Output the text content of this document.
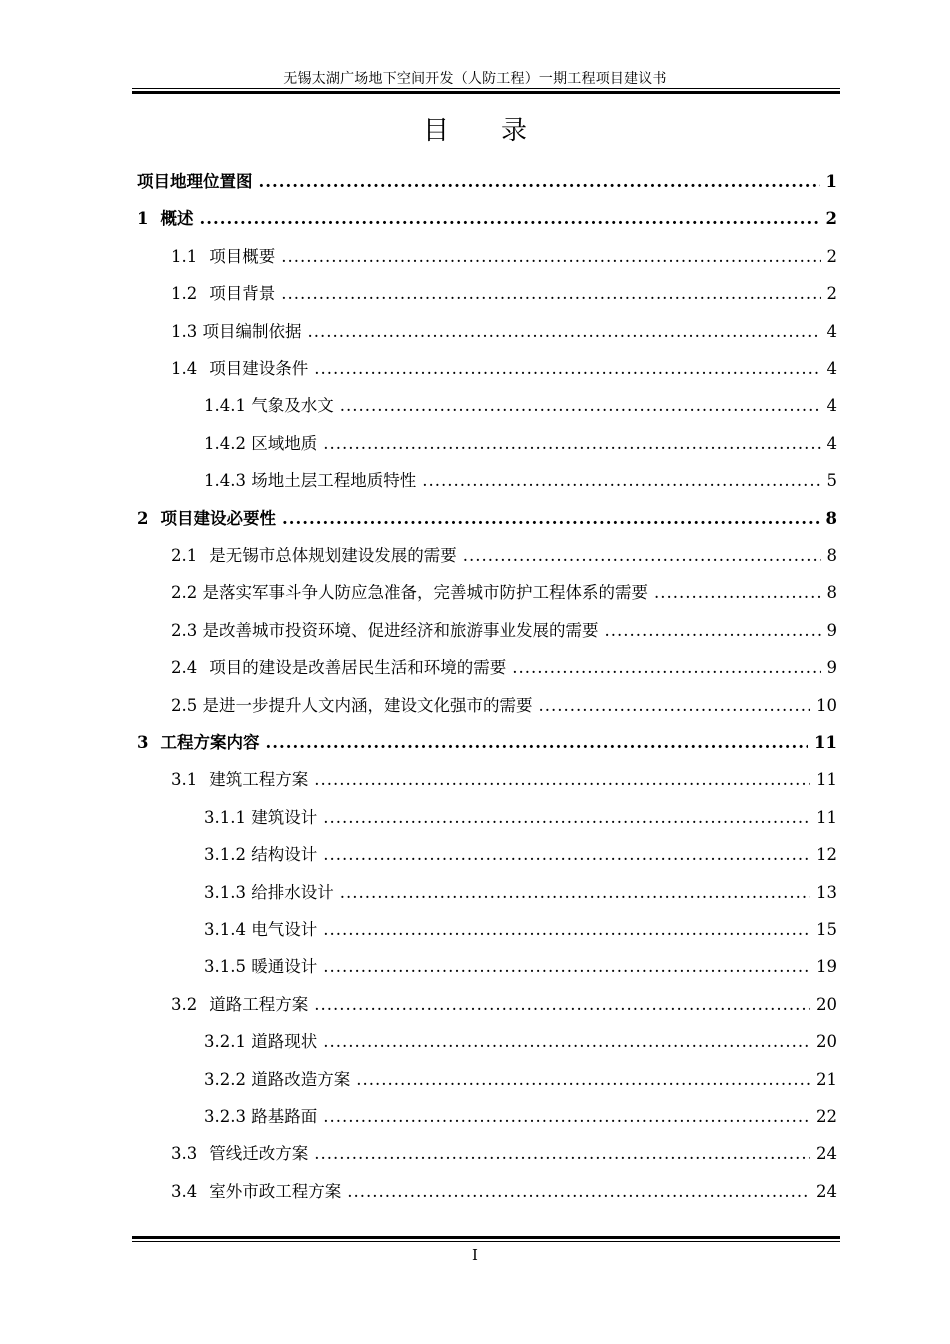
无锡太湖广场地下空间开发（人防工程）一期工程项目建议书
目录
项目地理位置图 .....	1
1 概述 .....	2
1.1 项目概要 .....	2
1.2 项目背景 .....	2
1.3 项目编制依据 .....	4
1.4 项目建设条件 .....	4
1.4.1 气象及水文 .....	4
1.4.2 区域地质 .....	4
1.4.3 场地土层工程地质特性 .....	5
2 项目建设必要性 .....	8
2.1 是无锡市总体规划建设发展的需要 .....	8
2.2 是落实军事斗争人防应急准备，完善城市防护工程体系的需要 .....	8
2.3 是改善城市投资环境、促进经济和旅游事业发展的需要 .....	9
2.4 项目的建设是改善居民生活和环境的需要 .....	9
2.5 是进一步提升人文内涵，建设文化强市的需要 .....	10
3 工程方案内容 .....	11
3.1 建筑工程方案 .....	11
3.1.1 建筑设计 .....	11
3.1.2 结构设计 .....	12
3.1.3 给排水设计 .....	13
3.1.4 电气设计 .....	15
3.1.5 暖通设计 .....	19
3.2 道路工程方案 .....	20
3.2.1 道路现状 .....	20
3.2.2 道路改造方案 .....	21
3.2.3 路基路面 .....	22
3.3 管线迁改方案 .....	24
3.4 室外市政工程方案 .....	24
I
